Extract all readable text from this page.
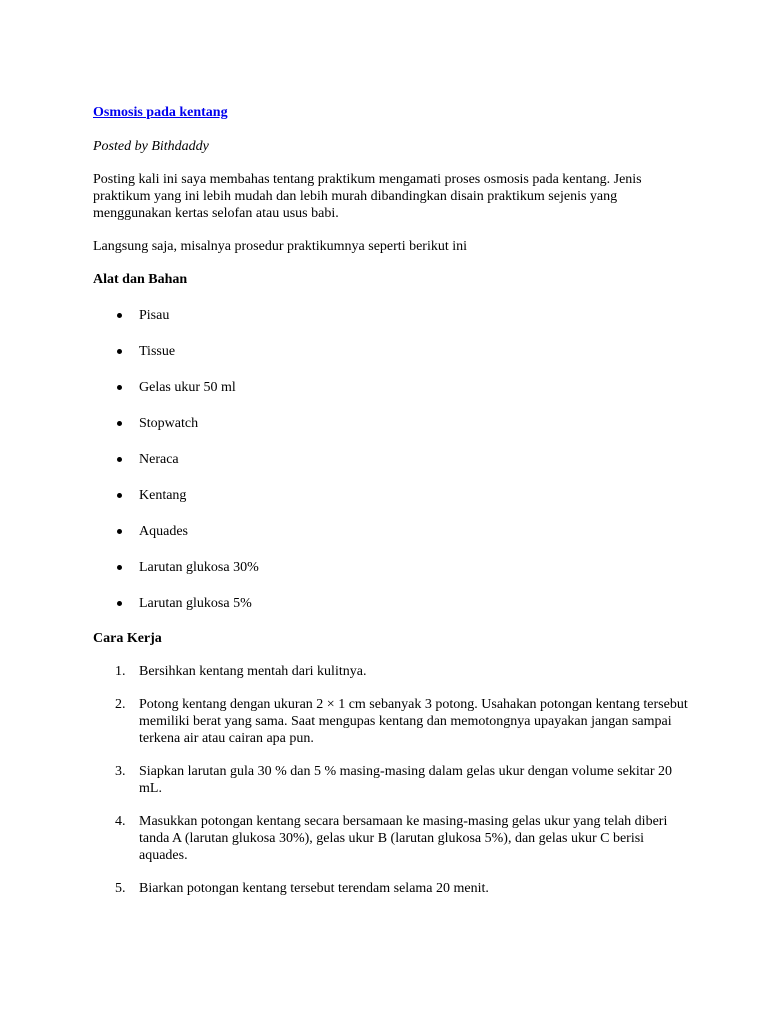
Osmosis pada kentang
Posted by Bithdaddy
Posting kali ini saya membahas tentang praktikum mengamati proses osmosis pada kentang. Jenis praktikum yang ini lebih mudah dan lebih murah dibandingkan disain praktikum sejenis yang menggunakan kertas selofan atau usus babi.
Langsung saja, misalnya prosedur praktikumnya seperti berikut ini
Alat dan Bahan
Pisau
Tissue
Gelas ukur 50 ml
Stopwatch
Neraca
Kentang
Aquades
Larutan glukosa 30%
Larutan glukosa 5%
Cara Kerja
1. Bersihkan kentang mentah dari kulitnya.
2. Potong kentang dengan ukuran 2 × 1 cm sebanyak 3 potong. Usahakan potongan kentang tersebut memiliki berat yang sama. Saat mengupas kentang dan memotongnya upayakan jangan sampai terkena air atau cairan apa pun.
3. Siapkan larutan gula 30 % dan 5 % masing-masing dalam gelas ukur dengan volume sekitar 20 mL.
4. Masukkan potongan kentang secara bersamaan ke masing-masing gelas ukur yang telah diberi tanda A (larutan glukosa 30%), gelas ukur B (larutan glukosa 5%), dan gelas ukur C berisi aquades.
5. Biarkan potongan kentang tersebut terendam selama 20 menit.
